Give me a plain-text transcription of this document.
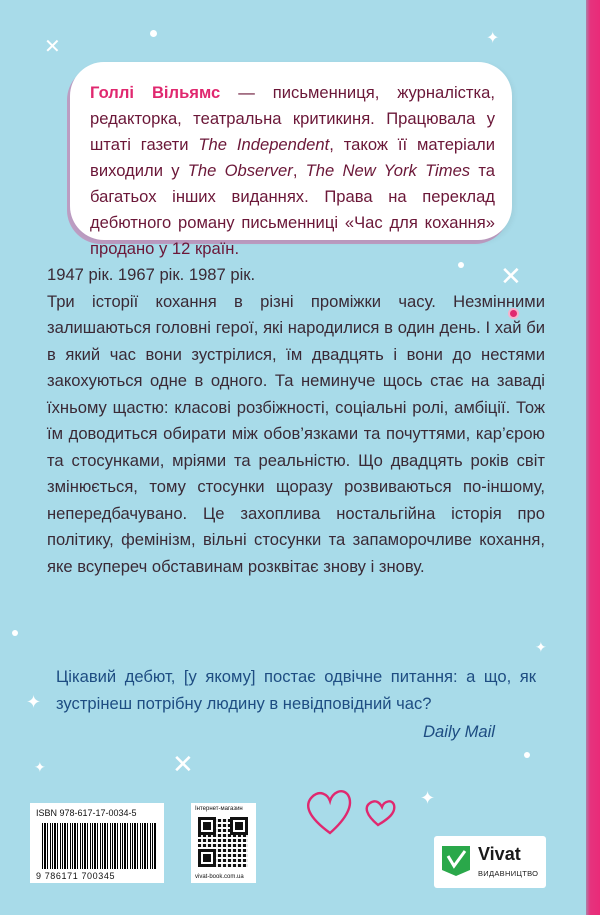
✕
✕
✦
✦
✦	✕
✦
✦
Голлі Вільямс — письменниця, журналістка, редакторка, театральна критикиня. Працювала у штаті газети The Independent, також її матеріали виходили у The Observer, The New York Times та багатьох інших виданнях. Права на переклад дебютного роману письменниці «Час для кохання» продано у 12 країн.

1947 рік. 1967 рік. 1987 рік.

Три історії кохання в різні проміжки часу. Незмінними залишаються головні герої, які народилися в один день. І хай би в який час вони зустрілися, їм двадцять і вони до нестями закохуються одне в одного. Та неминуче щось стає на заваді їхньому щастю: класові розбіжності, соціальні ролі, амбіції. Тож їм доводиться обирати між обов’язками та почуттями, кар’єрою та стосунками, мріями та реальністю. Що двадцять років світ змінюється, тому стосунки щоразу розвиваються по-іншому, непередбачувано. Це захоплива ностальгійна історія про політику, фемінізм, вільні стосунки та запаморочливе кохання, яке всупереч обставинам розквітає знову і знову.

Цікавий дебют, [у якому] постає одвічне питання: а що, як зустрінеш потрібну людину в невідповідний час?

Daily Mail
ISBN 978-617-17-0034-5
9 786171 700345
Інтернет-магазин
vivat-book.com.ua
Vivat
ВИДАВНИЦТВО
